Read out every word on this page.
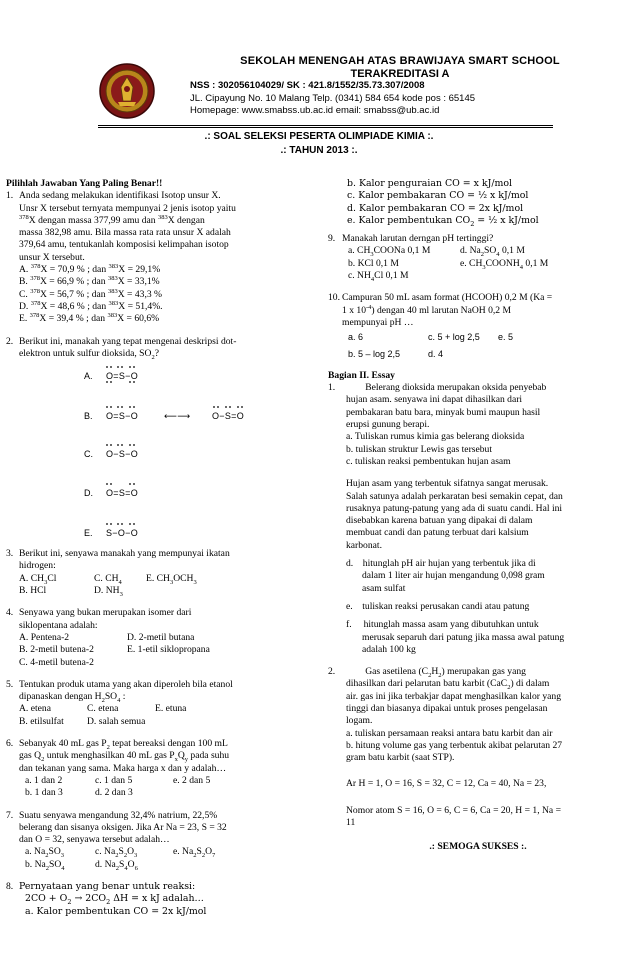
SEKOLAH MENENGAH ATAS BRAWIJAYA SMART SCHOOL
TERAKREDITASI A
NSS : 302056104029/ SK : 421.8/1552/35.73.307/2008
JL. Cipayung No. 10 Malang Telp. (0341) 584 654 kode pos : 65145
Homepage: www.smabss.ub.ac.id email: smabss@ub.ac.id
.: SOAL SELEKSI PESERTA OLIMPIADE KIMIA :.
.: TAHUN 2013 :.

Pilihlah Jawaban Yang Paling Benar!!

1. Anda sedang melakukan identifikasi Isotop unsur X.

Unsr X tersebut ternyata mempunyai 2 jenis isotop yaitu

$^{378}$X dengan massa 377,99 amu dan $^{383}$X dengan

massa 382,98 amu. Bila massa rata rata unsur X adalah

379,64 amu, tentukanlah komposisi kelimpahan isotop

unsur X tersebut.

A. $^{378}$X = 70,9 % ; dan $^{383}$X = 29,1%

B. $^{378}$X = 66,9 % ; dan $^{383}$X = 33,1%

C. $^{378}$X = 56,7 % ; dan $^{383}$X = 43,3 %

D. $^{378}$X = 48,6 % ; dan $^{383}$X = 51,4%.

E. $^{378}$X = 39,4 % ; dan $^{383}$X = 60,6%

2. Berikut ini, manakah yang tepat mengenai deskripsi dot-

elektron untuk sulfur dioksida, $SO_2$?

A. O=S−O
B. O=S−O	⟵⟶ O−S=O
C. O−S−O
D. O=S=O
E. S−O−O
3. Berikut ini, senyawa manakah yang mempunyai ikatan

hidrogen:

A. $CH_3Cl$	C. $CH_4$	E. $CH_3OCH_3$
B. HCl	D. $NH_3$
4. Senyawa yang bukan merupakan isomer dari

siklopentana adalah:

A. Pentena-2	D. 2-metil butana
B. 2-metil butena-2	E. 1-etil siklopropana

C. 4-metil butena-2

5. Tentukan produk utama yang akan diperoleh bila etanol

dipanaskan dengan $H_2SO_4$ :

A. etena	C. etena	E. etuna
B. etilsulfat	D. salah semua
6. Sebanyak 40 mL gas $P_2$ tepat bereaksi dengan 100 mL

gas $Q_2$ untuk menghasilkan 40 mL gas $P_xQ_y$ pada suhu

dan tekanan yang sama. Maka harga x dan y adalah…

a. 1 dan 2	c. 1 dan 5	e. 2 dan 5
b. 1 dan 3	d. 2 dan 3
7. Suatu senyawa mengandung 32,4% natrium, 22,5%

belerang dan sisanya oksigen. Jika Ar Na = 23, S = 32

dan O = 32, senyawa tersebut adalah…

a. $Na_2SO_3$	c. $Na_2S_2O_3$	e. $Na_2S_2O_7$
b. $Na_2SO_4$	d. $Na_2S_4O_6$
8. Pernyataan yang benar untuk reaksi:

$2CO + O_2 \to 2CO_2$ ΔH = x kJ adalah…

a. Kalor pembentukan CO = 2x kJ/mol

b. Kalor penguraian CO = x kJ/mol

c. Kalor pembakaran CO = ½ x kJ/mol

d. Kalor pembakaran CO = 2x kJ/mol

e. Kalor pembentukan $CO_2$ = ½ x kJ/mol

9. Manakah larutan derngan pH tertinggi?

a. $CH_3COONa$ 0,1 M	d. $Na_2SO_4$ 0,1 M
b. KCl 0,1 M	e. $CH_3COONH_4$ 0,1 M

c. $NH_4Cl$ 0,1 M

10. Campuran 50 mL asam format (HCOOH) 0,2 M (Ka =

1 x $10^{-4}$) dengan 40 ml larutan NaOH 0,2 M

mempunyai pH …

a. 6	c. 5 + log 2,5	e. 5
b. 5 – log 2,5	d. 4

Bagian II. Essay

1.	Belerang dioksida merupakan oksida penyebab

hujan asam. senyawa ini dapat dihasilkan dari

pembakaran batu bara, minyak bumi maupun hasil

erupsi gunung berapi.

a. Tuliskan rumus kimia gas belerang dioksida

b. tuliskan struktur Lewis gas tersebut

c. tuliskan reaksi pembentukan hujan asam

Hujan asam yang terbentuk sifatnya sangat merusak.

Salah satunya adalah perkaratan besi semakin cepat, dan

rusaknya patung-patung yang ada di suatu candi. Hal ini

disebabkan karena batuan yang dipakai di dalam

membuat candi dan patung terbuat dari kalsium

karbonat.

d.    hitunglah pH air hujan yang terbentuk jika di

dalam 1 liter air hujan mengandung 0,098 gram

asam sulfat

e.    tuliskan reaksi perusakan candi atau patung

f.     hitunglah massa asam yang dibutuhkan untuk

merusak separuh dari patung jika massa awal patung

adalah 100 kg

2.	Gas asetilena $(C_2H_2)$ merupakan gas yang

dihasilkan dari pelarutan batu karbit (CaC$_2$) di dalam

air. gas ini jika terbakjar dapat menghasilkan kalor yang

tinggi dan biasanya dipakai untuk proses pengelasan

logam.

a. tuliskan persamaan reaksi antara batu karbit dan air

b. hitung volume gas yang terbentuk akibat pelarutan 27

gram batu karbit (saat STP).

Ar H = 1, O = 16, S = 32, C = 12, Ca = 40, Na = 23,

Nomor atom S = 16, O = 6, C = 6, Ca = 20, H = 1, Na =

11

.: SEMOGA SUKSES :.
